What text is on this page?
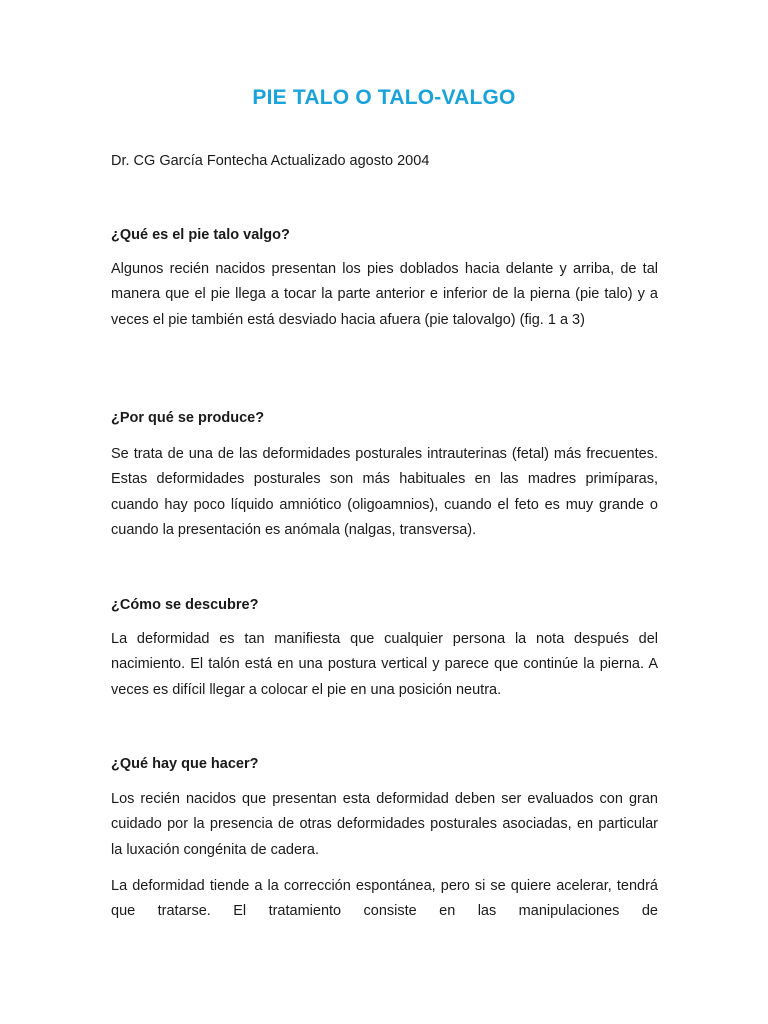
PIE TALO O TALO-VALGO
Dr. CG García Fontecha Actualizado agosto 2004
¿Qué es el pie talo valgo?
Algunos recién nacidos presentan los pies doblados hacia delante y arriba, de tal manera que el pie llega a tocar la parte anterior e inferior de la pierna (pie talo) y a veces el pie también está desviado hacia afuera (pie talovalgo) (fig. 1 a 3)
¿Por qué se produce?
Se trata de una de las deformidades posturales intrauterinas (fetal) más frecuentes. Estas deformidades posturales son más habituales en las madres primíparas, cuando hay poco líquido amniótico (oligoamnios), cuando el feto es muy grande o cuando la presentación es anómala (nalgas, transversa).
¿Cómo se descubre?
La deformidad es tan manifiesta que cualquier persona la nota después del nacimiento. El talón está en una postura vertical y parece que continúe la pierna. A veces es difícil llegar a colocar el pie en una posición neutra.
¿Qué hay que hacer?
Los recién nacidos que presentan esta deformidad deben ser evaluados con gran cuidado por la presencia de otras deformidades posturales asociadas, en particular la luxación congénita de cadera.
La deformidad tiende a la corrección espontánea, pero si se quiere acelerar, tendrá que tratarse. El tratamiento consiste en las manipulaciones de
